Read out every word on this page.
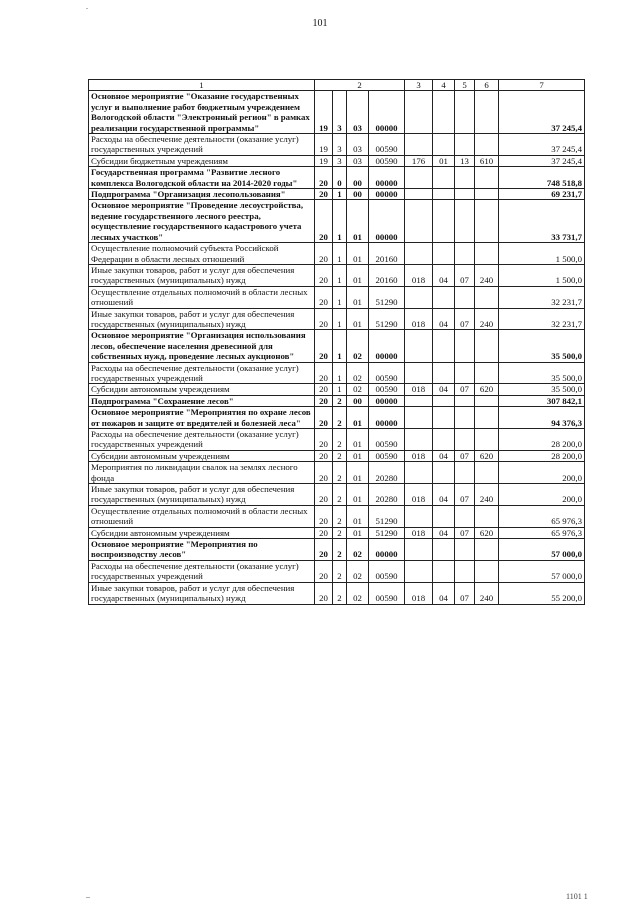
.
101
1	2				3	4	5	6	7
Основное мероприятие "Оказание государственных услуг и выполнение работ бюджетным учреждением Вологодской области "Электронный регион" в рамках реализации государственной программы"	19	3	03	00000					37 245,4
Расходы на обеспечение деятельности (оказание услуг) государственных учреждений	19	3	03	00590					37 245,4
Субсидии бюджетным учреждениям	19	3	03	00590	176	01	13	610	37 245,4
Государственная программа "Развитие лесного комплекса Вологодской области на 2014-2020 годы"	20	0	00	00000					748 518,8
Подпрограмма "Организация лесопользования"	20	1	00	00000					69 231,7
Основное мероприятие "Проведение лесоустройства, ведение государственного лесного реестра, осуществление государственного кадастрового учета лесных участков"	20	1	01	00000					33 731,7
Осуществление полномочий субъекта Российской Федерации в области лесных отношений	20	1	01	20160					1 500,0
Иные закупки товаров, работ и услуг для обеспечения государственных (муниципальных) нужд	20	1	01	20160	018	04	07	240	1 500,0
Осуществление отдельных полномочий в области лесных отношений	20	1	01	51290					32 231,7
Иные закупки товаров, работ и услуг для обеспечения государственных (муниципальных) нужд	20	1	01	51290	018	04	07	240	32 231,7
Основное мероприятие "Организация использования лесов, обеспечение населения древесиной для собственных нужд, проведение лесных аукционов"	20	1	02	00000					35 500,0
Расходы на обеспечение деятельности (оказание услуг) государственных учреждений	20	1	02	00590					35 500,0
Субсидии автономным учреждениям	20	1	02	00590	018	04	07	620	35 500,0
Подпрограмма "Сохранение лесов"	20	2	00	00000					307 842,1
Основное мероприятие "Мероприятия по охране лесов от пожаров и защите от вредителей и болезней леса"	20	2	01	00000					94 376,3
Расходы на обеспечение деятельности (оказание услуг) государственных учреждений	20	2	01	00590					28 200,0
Субсидии автономным учреждениям	20	2	01	00590	018	04	07	620	28 200,0
Мероприятия по ликвидации свалок на землях лесного фонда	20	2	01	20280					200,0
Иные закупки товаров, работ и услуг для обеспечения государственных (муниципальных) нужд	20	2	01	20280	018	04	07	240	200,0
Осуществление отдельных полномочий в области лесных отношений	20	2	01	51290					65 976,3
Субсидии автономным учреждениям	20	2	01	51290	018	04	07	620	65 976,3
Основное мероприятие "Мероприятия по воспроизводству лесов"	20	2	02	00000					57 000,0
Расходы на обеспечение деятельности (оказание услуг) государственных учреждений	20	2	02	00590					57 000,0
Иные закупки товаров, работ и услуг для обеспечения государственных (муниципальных) нужд	20	2	02	00590	018	04	07	240	55 200,0
–	1101 1
